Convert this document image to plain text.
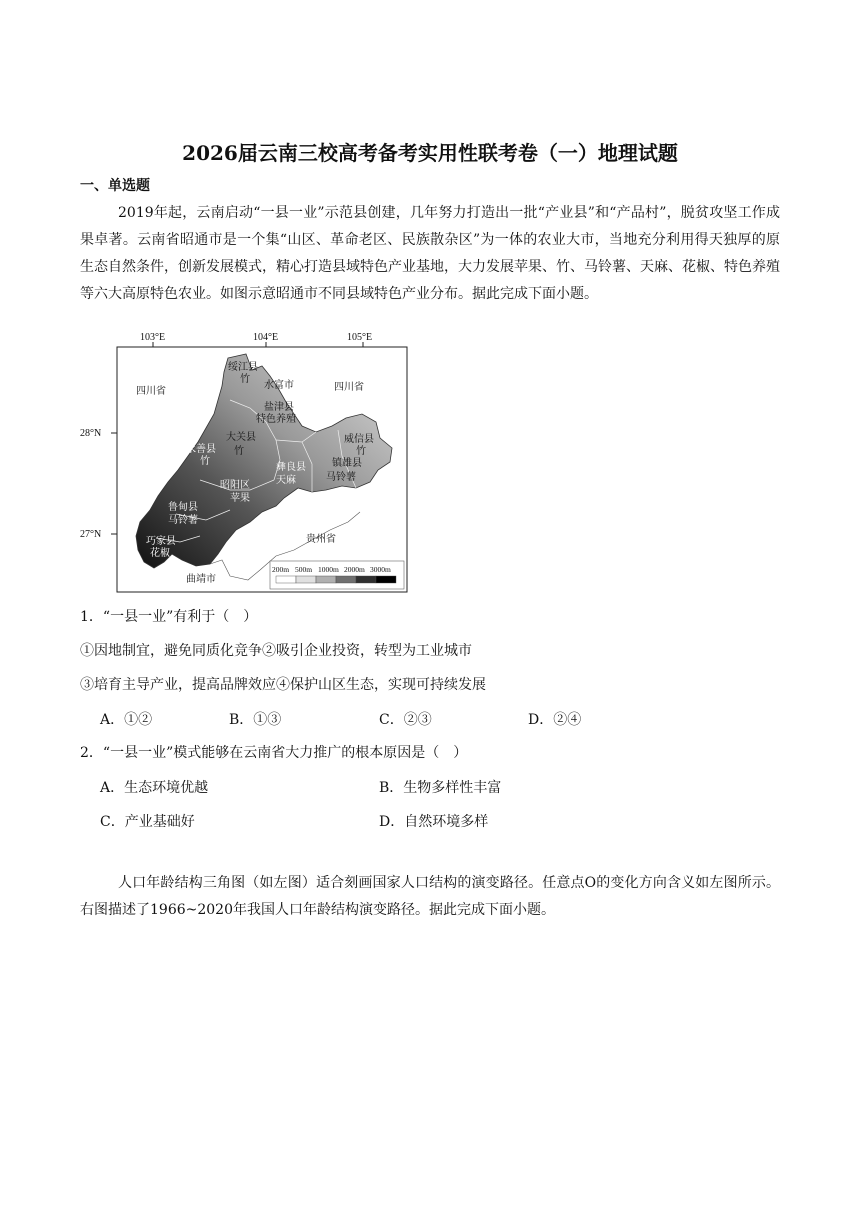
2026届云南三校高考备考实用性联考卷（一）地理试题
一、单选题
2019年起，云南启动“一县一业”示范县创建，几年努力打造出一批“产业县”和“产品村”，脱贫攻坚工作成果卓著。云南省昭通市是一个集“山区、革命老区、民族散杂区”为一体的农业大市，当地充分利用得天独厚的原生态自然条件，创新发展模式，精心打造县域特色产业基地，大力发展苹果、竹、马铃薯、天麻、花椒、特色养殖等六大高原特色农业。如图示意昭通市不同县域特色产业分布。据此完成下面小题。
103°E	104°E	105°E
28°N
27°N
四川省	四川省
贵州省
曲靖市
绥江县
竹
水富市
盐津县
特色养殖
大关县
竹
永善县
竹
威信县
竹
彝良县
天麻
镇雄县
马铃薯
昭阳区
苹果
鲁甸县
马铃薯
巧家县
花椒
200m 500m 1000m 2000m 3000m
1．“一县一业”有利于（　）
①因地制宜，避免同质化竞争②吸引企业投资，转型为工业城市
③培育主导产业，提高品牌效应④保护山区生态，实现可持续发展
A．①②	B．①③	C．②③	D．②④
2．“一县一业”模式能够在云南省大力推广的根本原因是（　）
A．生态环境优越	B．生物多样性丰富
C．产业基础好	D．自然环境多样
人口年龄结构三角图（如左图）适合刻画国家人口结构的演变路径。任意点O的变化方向含义如左图所示。右图描述了1966~2020年我国人口年龄结构演变路径。据此完成下面小题。
